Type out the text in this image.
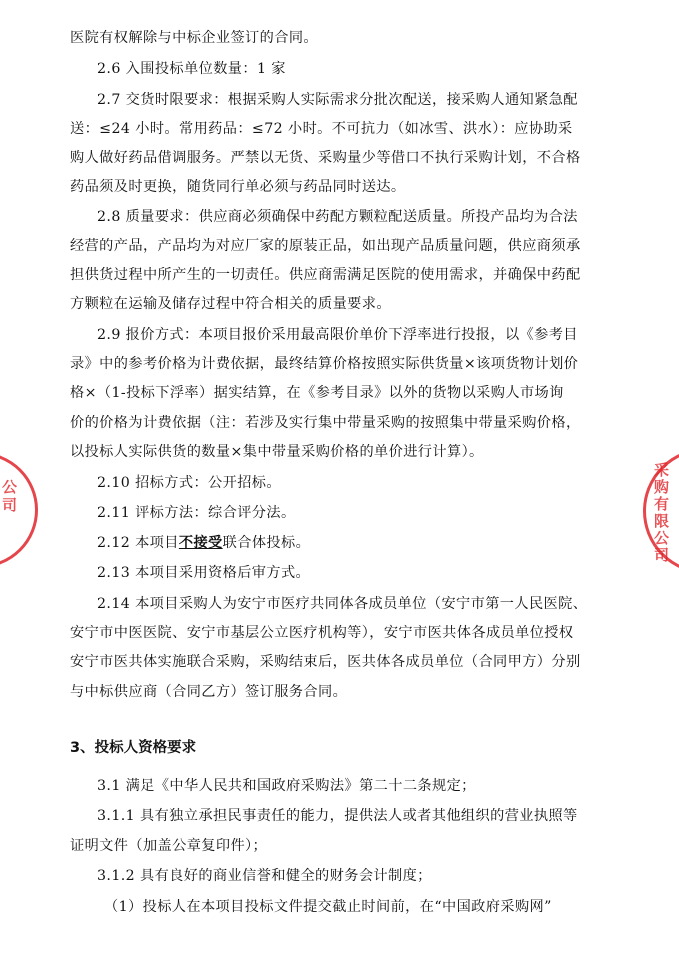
医院有权解除与中标企业签订的合同。
2.6 入围投标单位数量：1 家
2.7 交货时限要求：根据采购人实际需求分批次配送，接采购人通知紧急配
送：≤24 小时。常用药品：≤72 小时。不可抗力（如冰雪、洪水）：应协助采
购人做好药品借调服务。严禁以无货、采购量少等借口不执行采购计划，不合格
药品须及时更换，随货同行单必须与药品同时送达。
2.8 质量要求：供应商必须确保中药配方颗粒配送质量。所投产品均为合法
经营的产品，产品均为对应厂家的原装正品，如出现产品质量问题，供应商须承
担供货过程中所产生的一切责任。供应商需满足医院的使用需求，并确保中药配
方颗粒在运输及储存过程中符合相关的质量要求。
2.9 报价方式：本项目报价采用最高限价单价下浮率进行投报，以《参考目
录》中的参考价格为计费依据，最终结算价格按照实际供货量×该项货物计划价
格×（1-投标下浮率）据实结算，在《参考目录》以外的货物以采购人市场询
价的价格为计费依据（注：若涉及实行集中带量采购的按照集中带量采购价格，
以投标人实际供货的数量×集中带量采购价格的单价进行计算）。
2.10 招标方式：公开招标。
2.11 评标方法：综合评分法。
2.12 本项目不接受联合体投标。
2.13 本项目采用资格后审方式。
2.14 本项目采购人为安宁市医疗共同体各成员单位（安宁市第一人民医院、
安宁市中医医院、安宁市基层公立医疗机构等），安宁市医共体各成员单位授权
安宁市医共体实施联合采购，采购结束后，医共体各成员单位（合同甲方）分别
与中标供应商（合同乙方）签订服务合同。
3、投标人资格要求
3.1 满足《中华人民共和国政府采购法》第二十二条规定；
3.1.1 具有独立承担民事责任的能力，提供法人或者其他组织的营业执照等
证明文件（加盖公章复印件）；
3.1.2 具有良好的商业信誉和健全的财务会计制度；
（1）投标人在本项目投标文件提交截止时间前，在“中国政府采购网”
公司
采购有限公司
